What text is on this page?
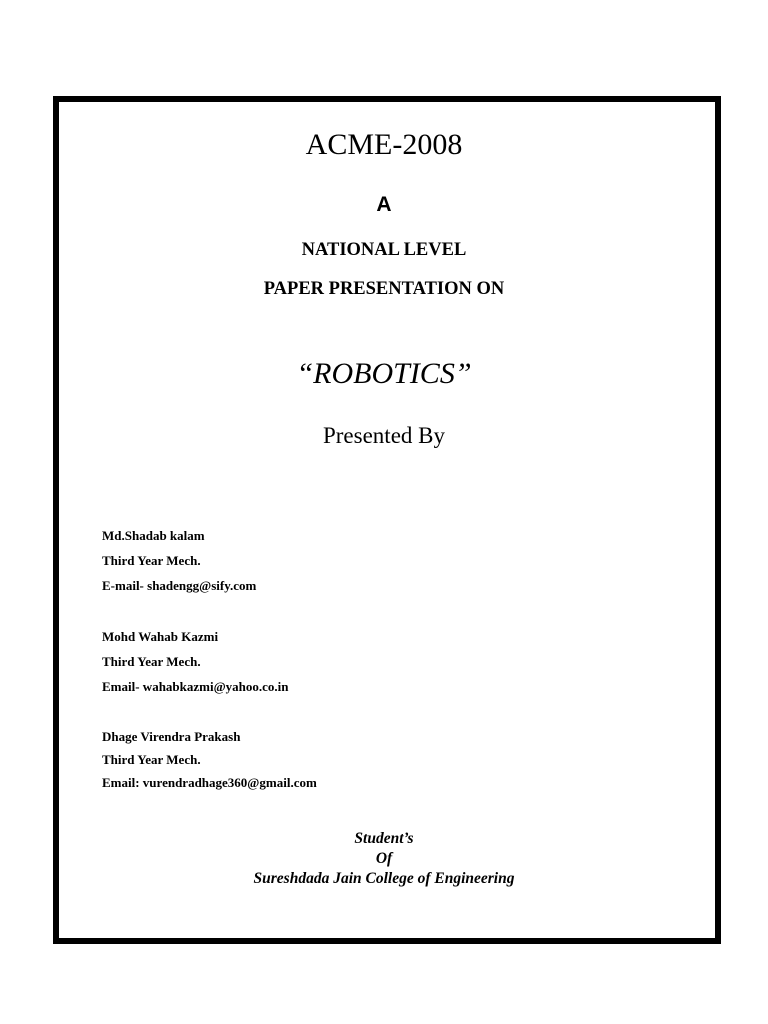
ACME-2008
A
NATIONAL LEVEL
PAPER PRESENTATION ON
“ROBOTICS”
Presented By
Md.Shadab kalam
Third Year Mech.
E-mail- shadengg@sify.com
Mohd Wahab Kazmi
Third Year Mech.
Email- wahabkazmi@yahoo.co.in
Dhage Virendra Prakash
Third Year Mech.
Email: vurendradhage360@gmail.com
Student’s
Of
Sureshdada Jain College of Engineering
